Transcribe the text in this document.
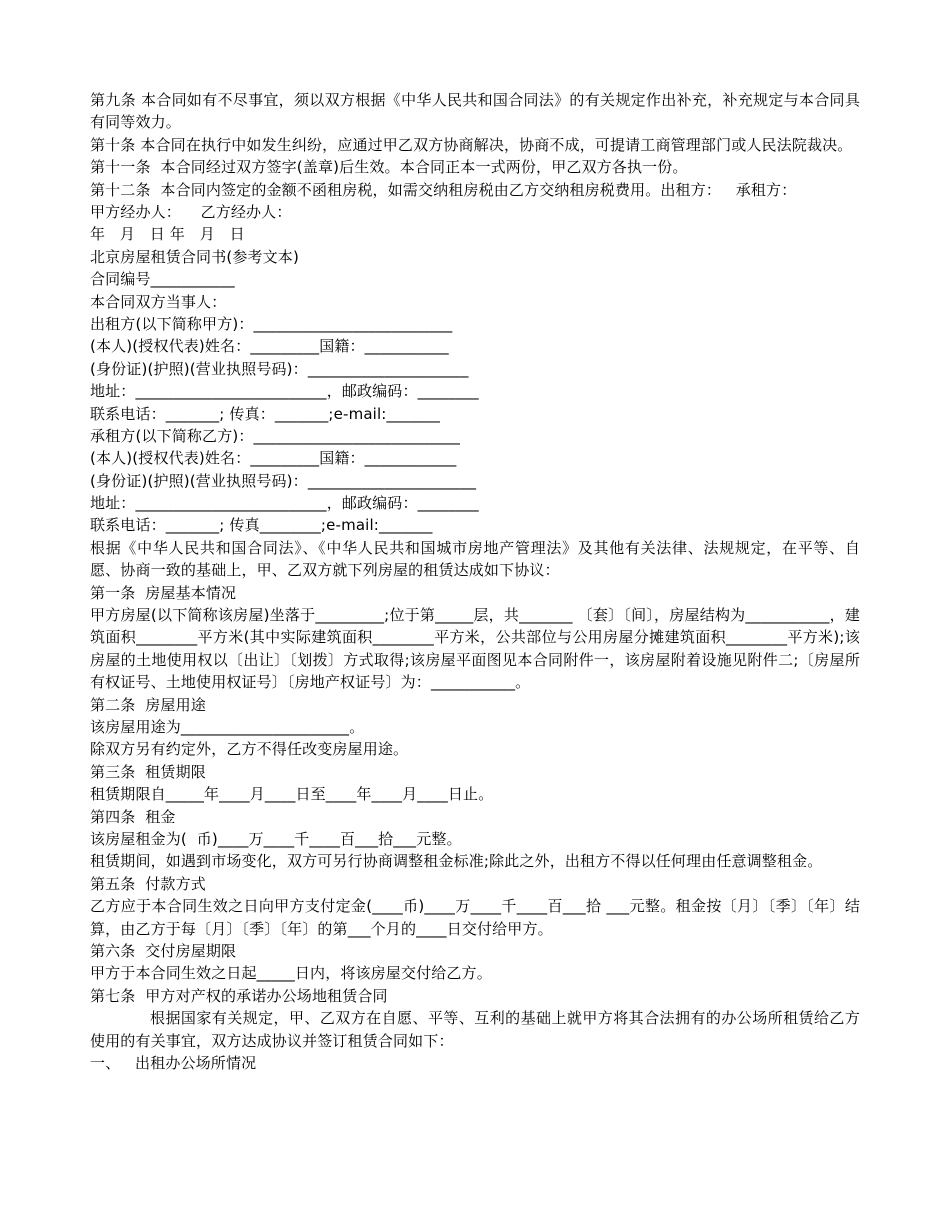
第九条 本合同如有不尽事宜，须以双方根据《中华人民共和国合同法》的有关规定作出补充，补充规定与本合同具有同等效力。
第十条 本合同在执行中如发生纠纷，应通过甲乙双方协商解决，协商不成，可提请工商管理部门或人民法院裁决。
第十一条  本合同经过双方签字(盖章)后生效。本合同正本一式两份，甲乙双方各执一份。
第十二条  本合同内签定的金额不函租房税，如需交纳租房税由乙方交纳租房税费用。出租方：   承租方：
甲方经办人：    乙方经办人：
年   月   日 年   月   日
北京房屋租赁合同书(参考文本)
合同编号___________
本合同双方当事人：
出租方(以下简称甲方)：__________________________
(本人)(授权代表)姓名：_________国籍：___________
(身份证)(护照)(营业执照号码)：_____________________
地址：_________________________，邮政编码：________
联系电话：_______; 传真：_______;e-mail:_______
承租方(以下简称乙方)：___________________________
(本人)(授权代表)姓名：_________国籍：____________
(身份证)(护照)(营业执照号码)：______________________
地址：_________________________，邮政编码：________
联系电话：_______; 传真________;e-mail:_______
根据《中华人民共和国合同法》、《中华人民共和国城市房地产管理法》及其他有关法律、法规规定，在平等、自愿、协商一致的基础上，甲、乙双方就下列房屋的租赁达成如下协议：
第一条  房屋基本情况
甲方房屋(以下简称该房屋)坐落于_________;位于第_____层，共_______ 〔套〕〔间〕，房屋结构为___________，建筑面积________平方米(其中实际建筑面积________平方米，公共部位与公用房屋分摊建筑面积________平方米);该房屋的土地使用权以〔出让〕〔划拨〕方式取得;该房屋平面图见本合同附件一，该房屋附着设施见附件二;〔房屋所有权证号、土地使用权证号〕〔房地产权证号〕为：___________。
第二条  房屋用途
该房屋用途为______________________。
除双方另有约定外，乙方不得任改变房屋用途。
第三条  租赁期限
租赁期限自_____年____月____日至____年____月____日止。
第四条  租金
该房屋租金为(  币)____万____千____百___拾___元整。
租赁期间，如遇到市场变化，双方可另行协商调整租金标准;除此之外，出租方不得以任何理由任意调整租金。
第五条  付款方式
乙方应于本合同生效之日向甲方支付定金(____币)____万____千____百___拾 ___元整。租金按〔月〕〔季〕〔年〕结算，由乙方于每〔月〕〔季〕〔年〕的第___个月的____日交付给甲方。
第六条  交付房屋期限
甲方于本合同生效之日起_____日内，将该房屋交付给乙方。
第七条  甲方对产权的承诺办公场地租赁合同
根据国家有关规定，甲、乙双方在自愿、平等、互利的基础上就甲方将其合法拥有的办公场所租赁给乙方使用的有关事宜，双方达成协议并签订租赁合同如下：
一、   出租办公场所情况
